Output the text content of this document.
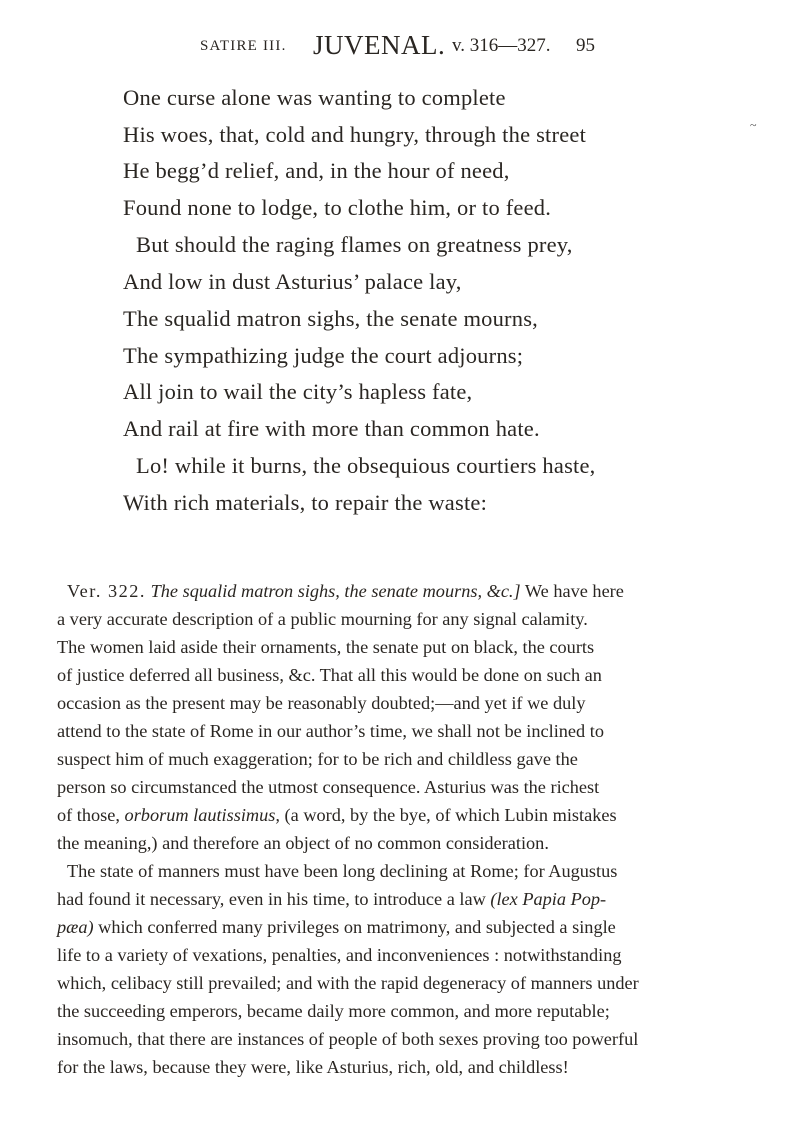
SATIRE III. JUVENAL. v. 316—327. 95
~
One curse alone was wanting to complete
His woes, that, cold and hungry, through the street
He begg’d relief, and, in the hour of need,
Found none to lodge, to clothe him, or to feed.
But should the raging flames on greatness prey,
And low in dust Asturius’ palace lay,
The squalid matron sighs, the senate mourns,
The sympathizing judge the court adjourns;
All join to wail the city’s hapless fate,
And rail at fire with more than common hate.
Lo! while it burns, the obsequious courtiers haste,
With rich materials, to repair the waste:
Ver. 322. The squalid matron sighs, the senate mourns, &c.] We have here
a very accurate description of a public mourning for any signal calamity.
The women laid aside their ornaments, the senate put on black, the courts
of justice deferred all business, &c. That all this would be done on such an
occasion as the present may be reasonably doubted;—and yet if we duly
attend to the state of Rome in our author’s time, we shall not be inclined to
suspect him of much exaggeration; for to be rich and childless gave the
person so circumstanced the utmost consequence. Asturius was the richest
of those, orborum lautissimus, (a word, by the bye, of which Lubin mistakes
the meaning,) and therefore an object of no common consideration.
The state of manners must have been long declining at Rome; for Augustus
had found it necessary, even in his time, to introduce a law (lex Papia Pop-
pæa) which conferred many privileges on matrimony, and subjected a single
life to a variety of vexations, penalties, and inconveniences : notwithstanding
which, celibacy still prevailed; and with the rapid degeneracy of manners under
the succeeding emperors, became daily more common, and more reputable;
insomuch, that there are instances of people of both sexes proving too powerful
for the laws, because they were, like Asturius, rich, old, and childless!
